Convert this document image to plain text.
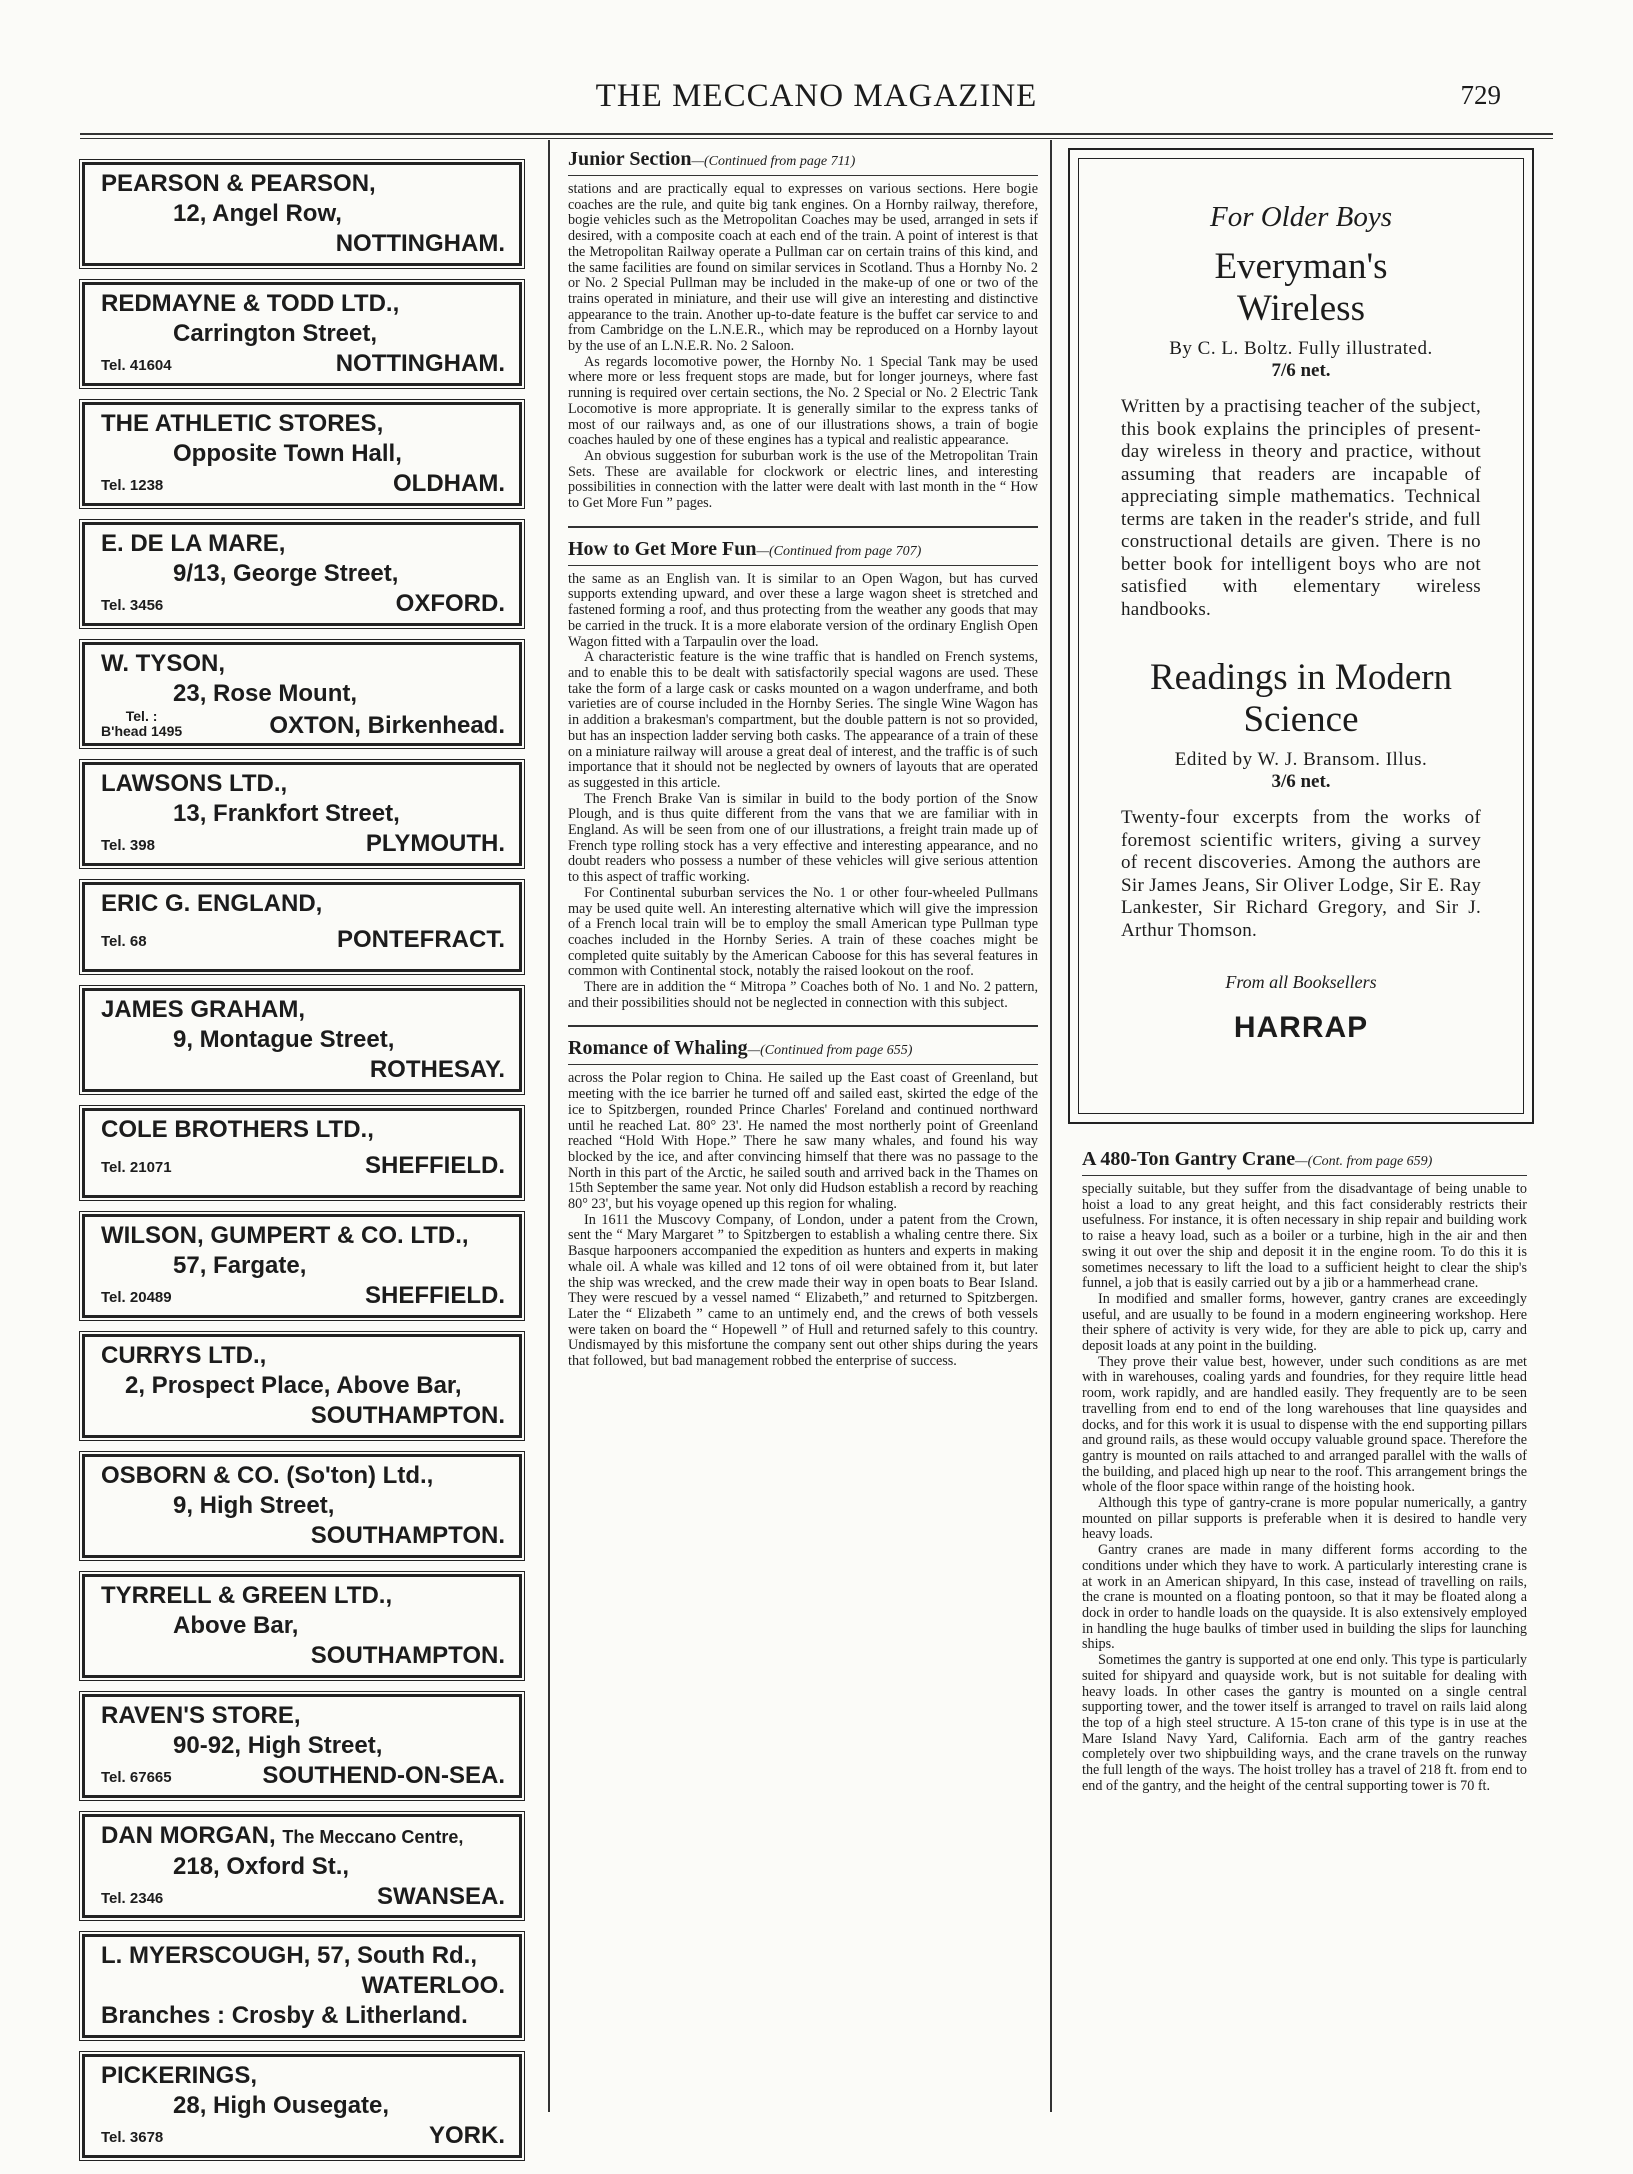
THE MECCANO MAGAZINE	729
PEARSON & PEARSON,
12, Angel Row,
NOTTINGHAM.
REDMAYNE & TODD LTD.,
Carrington Street,
Tel. 41604	NOTTINGHAM.
THE ATHLETIC STORES,
Opposite Town Hall,
Tel. 1238	OLDHAM.
E. DE LA MARE,
9/13, George Street,
Tel. 3456	OXFORD.
W. TYSON,
23, Rose Mount,
Tel. :
B'head 1495	OXTON, Birkenhead.
LAWSONS LTD.,
13, Frankfort Street,
Tel. 398	PLYMOUTH.
ERIC G. ENGLAND,
Tel. 68	PONTEFRACT.
JAMES GRAHAM,
9, Montague Street,
ROTHESAY.
COLE BROTHERS LTD.,
Tel. 21071	SHEFFIELD.
WILSON, GUMPERT & CO. LTD.,
57, Fargate,
Tel. 20489	SHEFFIELD.
CURRYS LTD.,
2, Prospect Place, Above Bar,
SOUTHAMPTON.
OSBORN & CO. (So'ton) Ltd.,
9, High Street,
SOUTHAMPTON.
TYRRELL & GREEN LTD.,
Above Bar,
SOUTHAMPTON.
RAVEN'S STORE,
90-92, High Street,
Tel. 67665	SOUTHEND-ON-SEA.
DAN MORGAN, The Meccano Centre,
218, Oxford St.,
Tel. 2346	SWANSEA.
L. MYERSCOUGH, 57, South Rd.,
WATERLOO.
Branches : Crosby & Litherland.
PICKERINGS,
28, High Ousegate,
Tel. 3678	YORK.
Junior Section—(Continued from page 711)

stations and are practically equal to expresses on various sections. Here bogie coaches are the rule, and quite big tank engines. On a Hornby railway, therefore, bogie vehicles such as the Metropolitan Coaches may be used, arranged in sets if desired, with a composite coach at each end of the train. A point of interest is that the Metropolitan Railway operate a Pullman car on certain trains of this kind, and the same facilities are found on similar services in Scotland. Thus a Hornby No. 2 or No. 2 Special Pullman may be included in the make-up of one or two of the trains operated in miniature, and their use will give an interesting and distinctive appearance to the train. Another up-to-date feature is the buffet car service to and from Cambridge on the L.N.E.R., which may be reproduced on a Hornby layout by the use of an L.N.E.R. No. 2 Saloon.

As regards locomotive power, the Hornby No. 1 Special Tank may be used where more or less frequent stops are made, but for longer journeys, where fast running is required over certain sections, the No. 2 Special or No. 2 Electric Tank Locomotive is more appropriate. It is generally similar to the express tanks of most of our railways and, as one of our illustrations shows, a train of bogie coaches hauled by one of these engines has a typical and realistic appearance.

An obvious suggestion for suburban work is the use of the Metropolitan Train Sets. These are available for clockwork or electric lines, and interesting possibilities in connection with the latter were dealt with last month in the “ How to Get More Fun ” pages.

How to Get More Fun—(Continued from page 707)

the same as an English van. It is similar to an Open Wagon, but has curved supports extending upward, and over these a large wagon sheet is stretched and fastened forming a roof, and thus protecting from the weather any goods that may be carried in the truck. It is a more elaborate version of the ordinary English Open Wagon fitted with a Tarpaulin over the load.

A characteristic feature is the wine traffic that is handled on French systems, and to enable this to be dealt with satisfactorily special wagons are used. These take the form of a large cask or casks mounted on a wagon underframe, and both varieties are of course included in the Hornby Series. The single Wine Wagon has in addition a brakesman's compartment, but the double pattern is not so provided, but has an inspection ladder serving both casks. The appearance of a train of these on a miniature railway will arouse a great deal of interest, and the traffic is of such importance that it should not be neglected by owners of layouts that are operated as suggested in this article.

The French Brake Van is similar in build to the body portion of the Snow Plough, and is thus quite different from the vans that we are familiar with in England. As will be seen from one of our illustrations, a freight train made up of French type rolling stock has a very effective and interesting appearance, and no doubt readers who possess a number of these vehicles will give serious attention to this aspect of traffic working.

For Continental suburban services the No. 1 or other four-wheeled Pullmans may be used quite well. An interesting alternative which will give the impression of a French local train will be to employ the small American type Pullman type coaches included in the Hornby Series. A train of these coaches might be completed quite suitably by the American Caboose for this has several features in common with Continental stock, notably the raised lookout on the roof.

There are in addition the “ Mitropa ” Coaches both of No. 1 and No. 2 pattern, and their possibilities should not be neglected in connection with this subject.

Romance of Whaling—(Continued from page 655)

across the Polar region to China. He sailed up the East coast of Greenland, but meeting with the ice barrier he turned off and sailed east, skirted the edge of the ice to Spitzbergen, rounded Prince Charles' Foreland and continued northward until he reached Lat. 80° 23'. He named the most northerly point of Greenland reached “Hold With Hope.” There he saw many whales, and found his way blocked by the ice, and after convincing himself that there was no passage to the North in this part of the Arctic, he sailed south and arrived back in the Thames on 15th September the same year. Not only did Hudson establish a record by reaching 80° 23', but his voyage opened up this region for whaling.

In 1611 the Muscovy Company, of London, under a patent from the Crown, sent the “ Mary Margaret ” to Spitzbergen to establish a whaling centre there. Six Basque harpooners accompanied the expedition as hunters and experts in making whale oil. A whale was killed and 12 tons of oil were obtained from it, but later the ship was wrecked, and the crew made their way in open boats to Bear Island. They were rescued by a vessel named “ Elizabeth,” and returned to Spitzbergen. Later the “ Elizabeth ” came to an untimely end, and the crews of both vessels were taken on board the “ Hopewell ” of Hull and returned safely to this country. Undismayed by this misfortune the company sent out other ships during the years that followed, but bad management robbed the enterprise of success.

For Older Boys
Everyman's Wireless
By C. L. Boltz. Fully illustrated.
7/6 net.
Written by a practising teacher of the subject, this book explains the principles of present-day wireless in theory and practice, without assuming that readers are incapable of appreciating simple mathematics. Technical terms are taken in the reader's stride, and full constructional details are given. There is no better book for intelligent boys who are not satisfied with elementary wireless handbooks.
Readings in Modern Science
Edited by W. J. Bransom. Illus.
3/6 net.
Twenty-four excerpts from the works of foremost scientific writers, giving a survey of recent discoveries. Among the authors are Sir James Jeans, Sir Oliver Lodge, Sir E. Ray Lankester, Sir Richard Gregory, and Sir J. Arthur Thomson.
From all Booksellers
HARRAP
A 480-Ton Gantry Crane—(Cont. from page 659)

specially suitable, but they suffer from the disadvantage of being unable to hoist a load to any great height, and this fact considerably restricts their usefulness. For instance, it is often necessary in ship repair and building work to raise a heavy load, such as a boiler or a turbine, high in the air and then swing it out over the ship and deposit it in the engine room. To do this it is sometimes necessary to lift the load to a sufficient height to clear the ship's funnel, a job that is easily carried out by a jib or a hammerhead crane.

In modified and smaller forms, however, gantry cranes are exceedingly useful, and are usually to be found in a modern engineering workshop. Here their sphere of activity is very wide, for they are able to pick up, carry and deposit loads at any point in the building.

They prove their value best, however, under such conditions as are met with in warehouses, coaling yards and foundries, for they require little head room, work rapidly, and are handled easily. They frequently are to be seen travelling from end to end of the long warehouses that line quaysides and docks, and for this work it is usual to dispense with the end supporting pillars and ground rails, as these would occupy valuable ground space. Therefore the gantry is mounted on rails attached to and arranged parallel with the walls of the building, and placed high up near to the roof. This arrangement brings the whole of the floor space within range of the hoisting hook.

Although this type of gantry-crane is more popular numerically, a gantry mounted on pillar supports is preferable when it is desired to handle very heavy loads.

Gantry cranes are made in many different forms according to the conditions under which they have to work. A particularly interesting crane is at work in an American shipyard, In this case, instead of travelling on rails, the crane is mounted on a floating pontoon, so that it may be floated along a dock in order to handle loads on the quayside. It is also extensively employed in handling the huge baulks of timber used in building the slips for launching ships.

Sometimes the gantry is supported at one end only. This type is particularly suited for shipyard and quayside work, but is not suitable for dealing with heavy loads. In other cases the gantry is mounted on a single central supporting tower, and the tower itself is arranged to travel on rails laid along the top of a high steel structure. A 15-ton crane of this type is in use at the Mare Island Navy Yard, California. Each arm of the gantry reaches completely over two shipbuilding ways, and the crane travels on the runway the full length of the ways. The hoist trolley has a travel of 218 ft. from end to end of the gantry, and the height of the central supporting tower is 70 ft.
